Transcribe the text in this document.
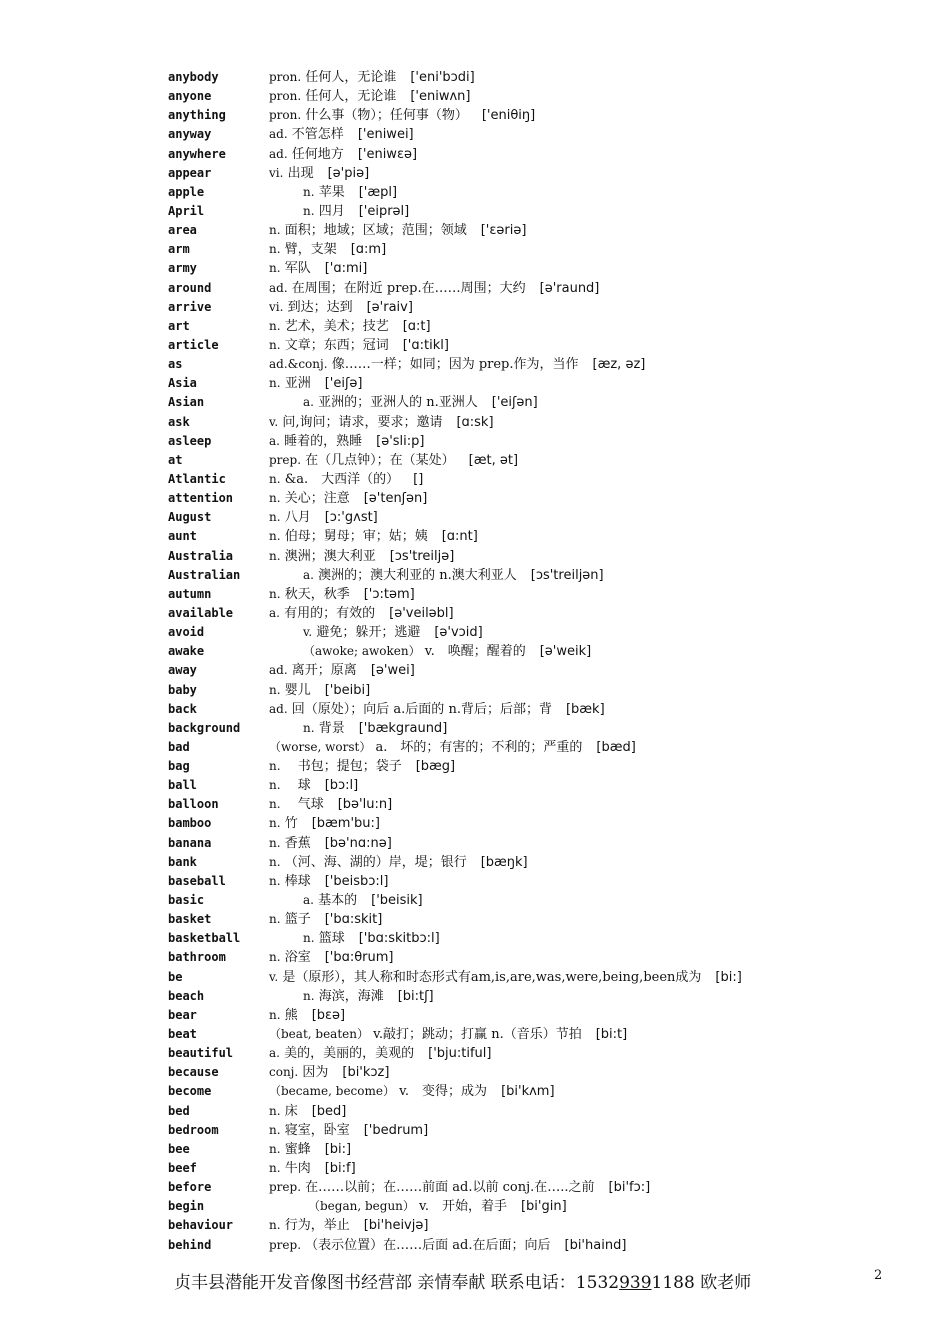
anybody	pron. 任何人，无论谁 ['eni'bɔdi]
anyone	pron. 任何人，无论谁 ['eniwʌn]
anything	pron. 什么事（物）；任何事（物） ['eniθiŋ]
anyway	ad. 不管怎样 ['eniwei]
anywhere	ad. 任何地方 ['eniwεə]
appear	vi. 出现 [ə'piə]
apple	n. 苹果 ['æpl]
April	n. 四月 ['eiprəl]
area	n. 面积；地域；区域；范围；领域 ['ɛəriə]
arm	n. 臂，支架 [ɑ:m]
army	n. 军队 ['ɑ:mi]
around	ad. 在周围；在附近 prep.在……周围；大约 [ə'raund]
arrive	vi. 到达；达到 [ə'raiv]
art	n. 艺术，美术；技艺 [ɑ:t]
article	n. 文章；东西；冠词 ['ɑ:tikl]
as	ad.&conj. 像……一样；如同；因为 prep.作为，当作 [æz, əz]
Asia	n. 亚洲 ['eiʃə]
Asian	a. 亚洲的；亚洲人的 n.亚洲人 ['eiʃən]
ask	v. 问,询问；请求，要求；邀请 [ɑ:sk]
asleep	a. 睡着的，熟睡 [ə'sli:p]
at	prep. 在（几点钟）；在（某处） [æt, ət]
Atlantic	n. &a.　大西洋（的） []
attention	n. 关心；注意 [ə'tenʃən]
August	n. 八月 [ɔ:'gʌst]
aunt	n. 伯母；舅母；审；姑；姨 [ɑ:nt]
Australia	n. 澳洲；澳大利亚 [ɔs'treiljə]
Australian	a. 澳洲的；澳大利亚的 n.澳大利亚人 [ɔs'treiljən]
autumn	n. 秋天，秋季 ['ɔ:təm]
available	a. 有用的；有效的 [ə'veiləbl]
avoid	v. 避免；躲开；逃避 [ə'vɔid]
awake	（awoke; awoken） v.　唤醒；醒着的 [ə'weik]
away	ad. 离开；原离 [ə'wei]
baby	n. 婴儿 ['beibi]
back	ad. 回（原处）；向后 a.后面的 n.背后；后部；背 [bæk]
background	n. 背景 ['bækgraund]
bad	（worse, worst） a.　坏的；有害的；不利的；严重的 [bæd]
bag	n. 　书包；提包；袋子 [bæg]
ball	n. 　球 [bɔ:l]
balloon	n. 　气球 [bə'lu:n]
bamboo	n. 竹 [bæm'bu:]
banana	n. 香蕉 [bə'nɑ:nə]
bank	n. （河、海、湖的）岸，堤；银行 [bæŋk]
baseball	n. 棒球 ['beisbɔ:l]
basic	a. 基本的 ['beisik]
basket	n. 篮子 ['bɑ:skit]
basketball	n. 篮球 ['bɑ:skitbɔ:l]
bathroom	n. 浴室 ['bɑ:θrum]
be	v. 是（原形），其人称和时态形式有am,is,are,was,were,being,been成为 [bi:]
beach	n. 海滨，海滩 [bi:tʃ]
bear	n. 熊 [bεə]
beat	（beat, beaten） v.敲打；跳动；打赢 n.（音乐）节拍 [bi:t]
beautiful	a. 美的，美丽的，美观的 ['bju:tiful]
because	conj. 因为 [bi'kɔz]
become	（became, become） v.　变得；成为 [bi'kʌm]
bed	n. 床 [bed]
bedroom	n. 寝室，卧室 ['bedrum]
bee	n. 蜜蜂 [bi:]
beef	n. 牛肉 [bi:f]
before	prep. 在……以前；在……前面 ad.以前 conj.在…..之前 [bi'fɔ:]
begin	（began, begun） v.　开始，着手 [bi'gin]
behaviour	n. 行为，举止 [bi'heivjə]
behind	prep. （表示位置）在……后面 ad.在后面；向后 [bi'haind]
贞丰县潜能开发音像图书经营部 亲情奉献 联系电话：15329391188 欧老师	2
